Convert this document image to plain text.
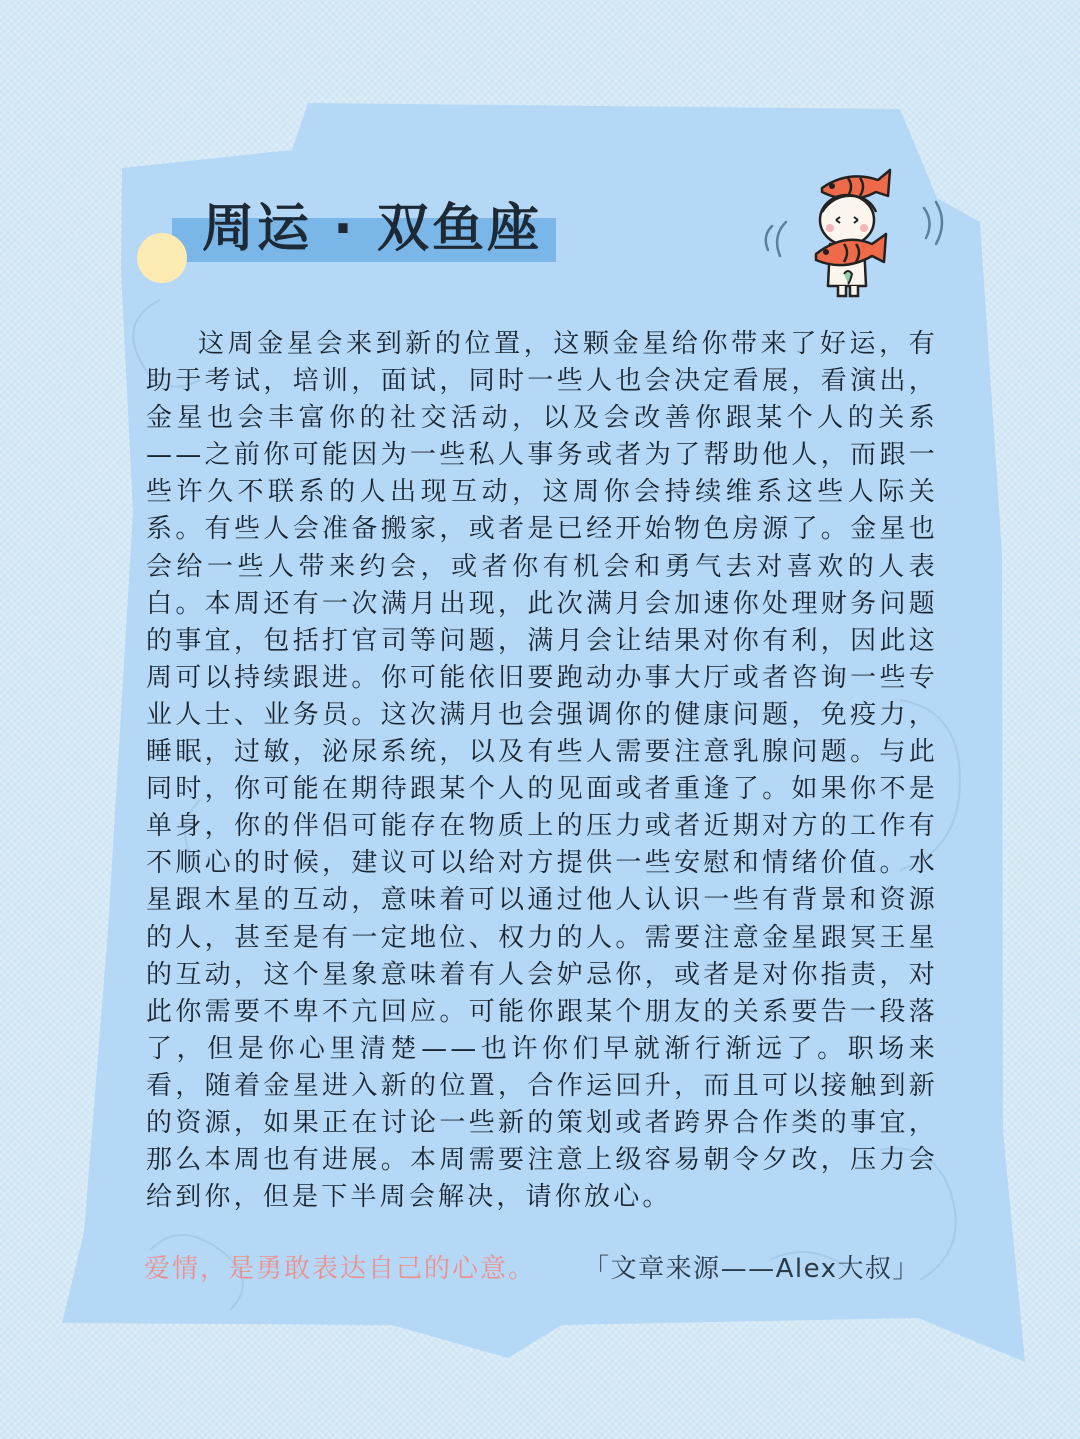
周运 · 双鱼座

这周金星会来到新的位置，这颗金星给你带来了好运，有助于考试，培训，面试，同时一些人也会决定看展，看演出，金星也会丰富你的社交活动，以及会改善你跟某个人的关系——之前你可能因为一些私人事务或者为了帮助他人，而跟一些许久不联系的人出现互动，这周你会持续维系这些人际关系。有些人会准备搬家，或者是已经开始物色房源了。金星也会给一些人带来约会，或者你有机会和勇气去对喜欢的人表白。本周还有一次满月出现，此次满月会加速你处理财务问题的事宜，包括打官司等问题，满月会让结果对你有利，因此这周可以持续跟进。你可能依旧要跑动办事大厅或者咨询一些专业人士、业务员。这次满月也会强调你的健康问题，免疫力，睡眠，过敏，泌尿系统，以及有些人需要注意乳腺问题。与此同时，你可能在期待跟某个人的见面或者重逢了。如果你不是单身，你的伴侣可能存在物质上的压力或者近期对方的工作有不顺心的时候，建议可以给对方提供一些安慰和情绪价值。水星跟木星的互动，意味着可以通过他人认识一些有背景和资源的人，甚至是有一定地位、权力的人。需要注意金星跟冥王星的互动，这个星象意味着有人会妒忌你，或者是对你指责，对此你需要不卑不亢回应。可能你跟某个朋友的关系要告一段落了，但是你心里清楚——也许你们早就渐行渐远了。职场来看，随着金星进入新的位置，合作运回升，而且可以接触到新的资源，如果正在讨论一些新的策划或者跨界合作类的事宜，那么本周也有进展。本周需要注意上级容易朝令夕改，压力会给到你，但是下半周会解决，请你放心。

爱情，是勇敢表达自己的心意。 「文章来源——Alex大叔」
